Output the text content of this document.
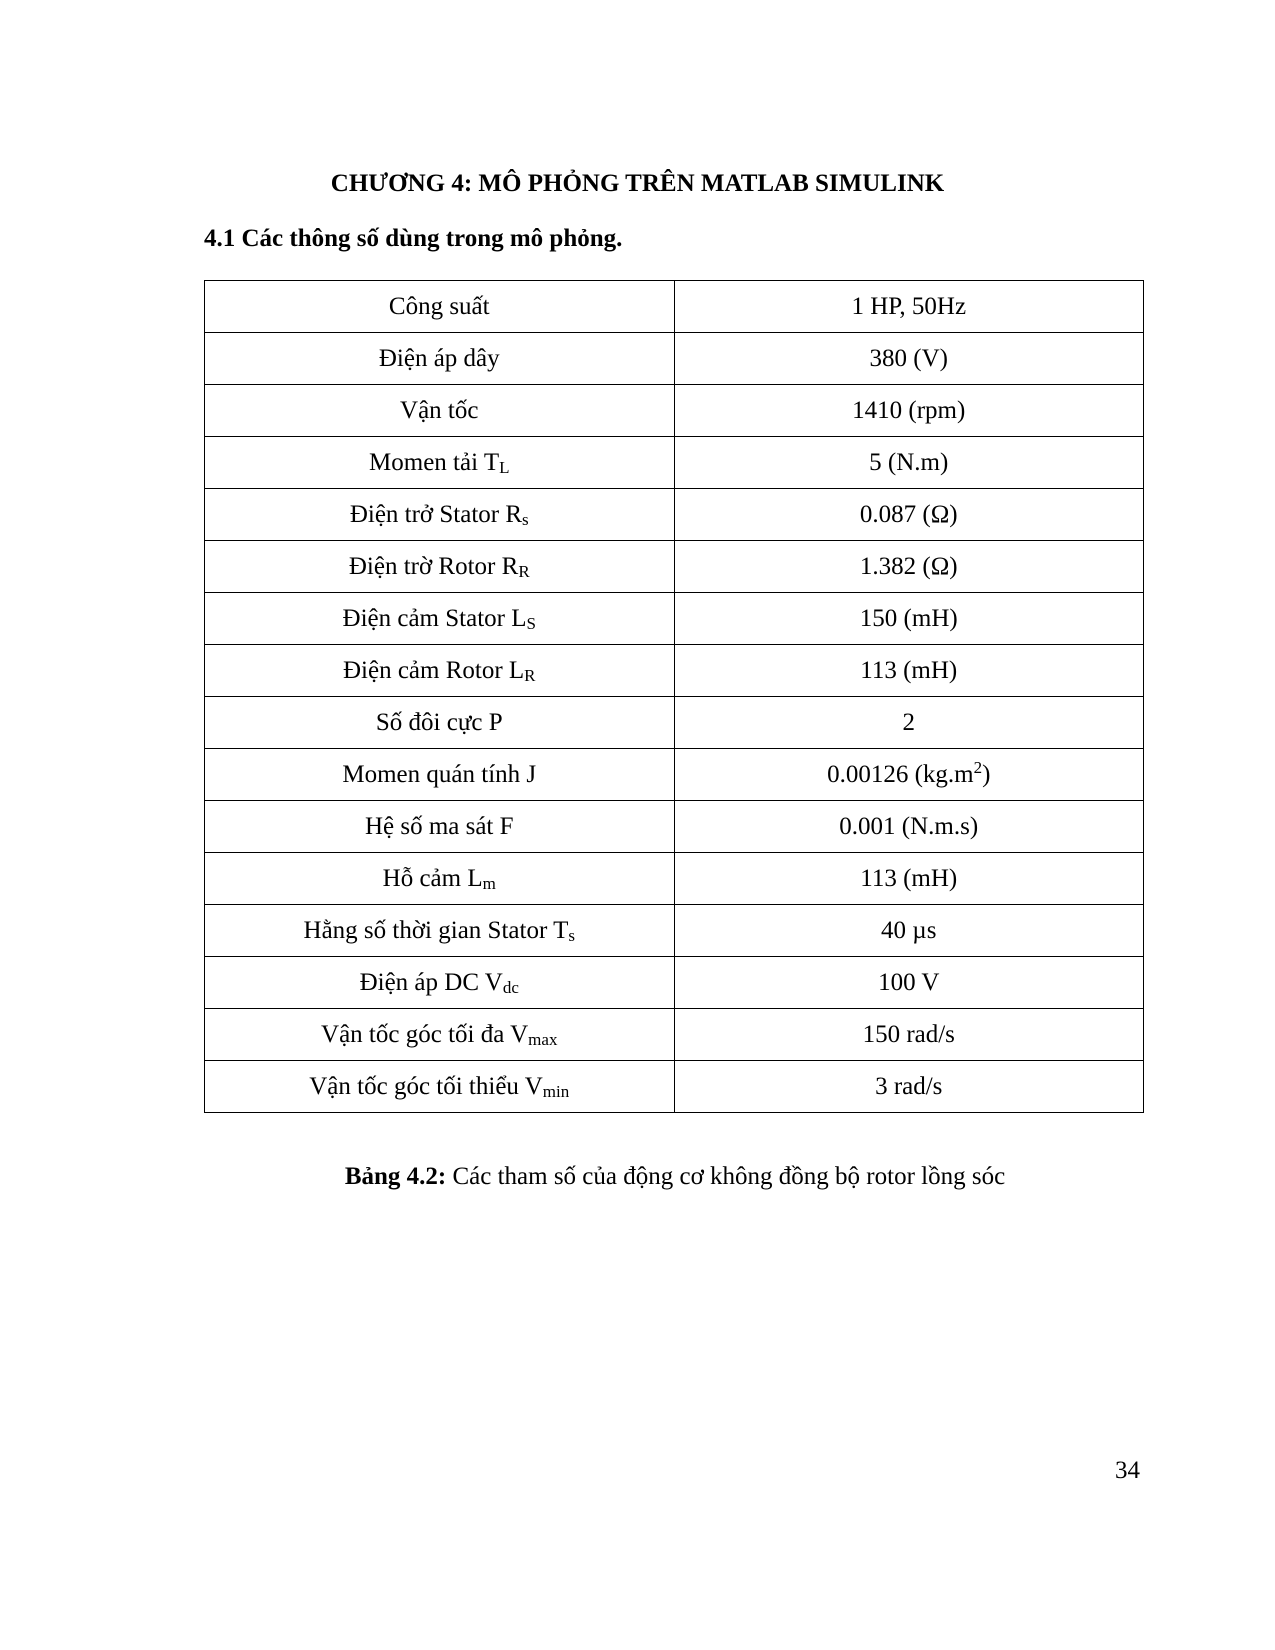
CHƯƠNG 4: MÔ PHỎNG TRÊN MATLAB SIMULINK
4.1 Các thông số dùng trong mô phỏng.
Công suất	1 HP, 50Hz
Điện áp dây	380 (V)
Vận tốc	1410 (rpm)
Momen tải $T_L$	5 (N.m)
Điện trở Stator $R_s$	0.087 (Ω)
Điện trờ Rotor $R_R$	1.382 (Ω)
Điện cảm Stator $L_S$	150 (mH)
Điện cảm Rotor $L_R$	113 (mH)
Số đôi cực P	2
Momen quán tính J	0.00126 $(kg.m^2)$
Hệ số ma sát F	0.001 (N.m.s)
Hỗ cảm $L_m$	113 (mH)
Hằng số thời gian Stator $T_s$	40 µs
Điện áp DC $V_{dc}$	100 V
Vận tốc góc tối đa $V_{max}$	150 rad/s
Vận tốc góc tối thiểu $V_{min}$	3 rad/s

Bảng 4.2: Các tham số của động cơ không đồng bộ rotor lồng sóc

34
